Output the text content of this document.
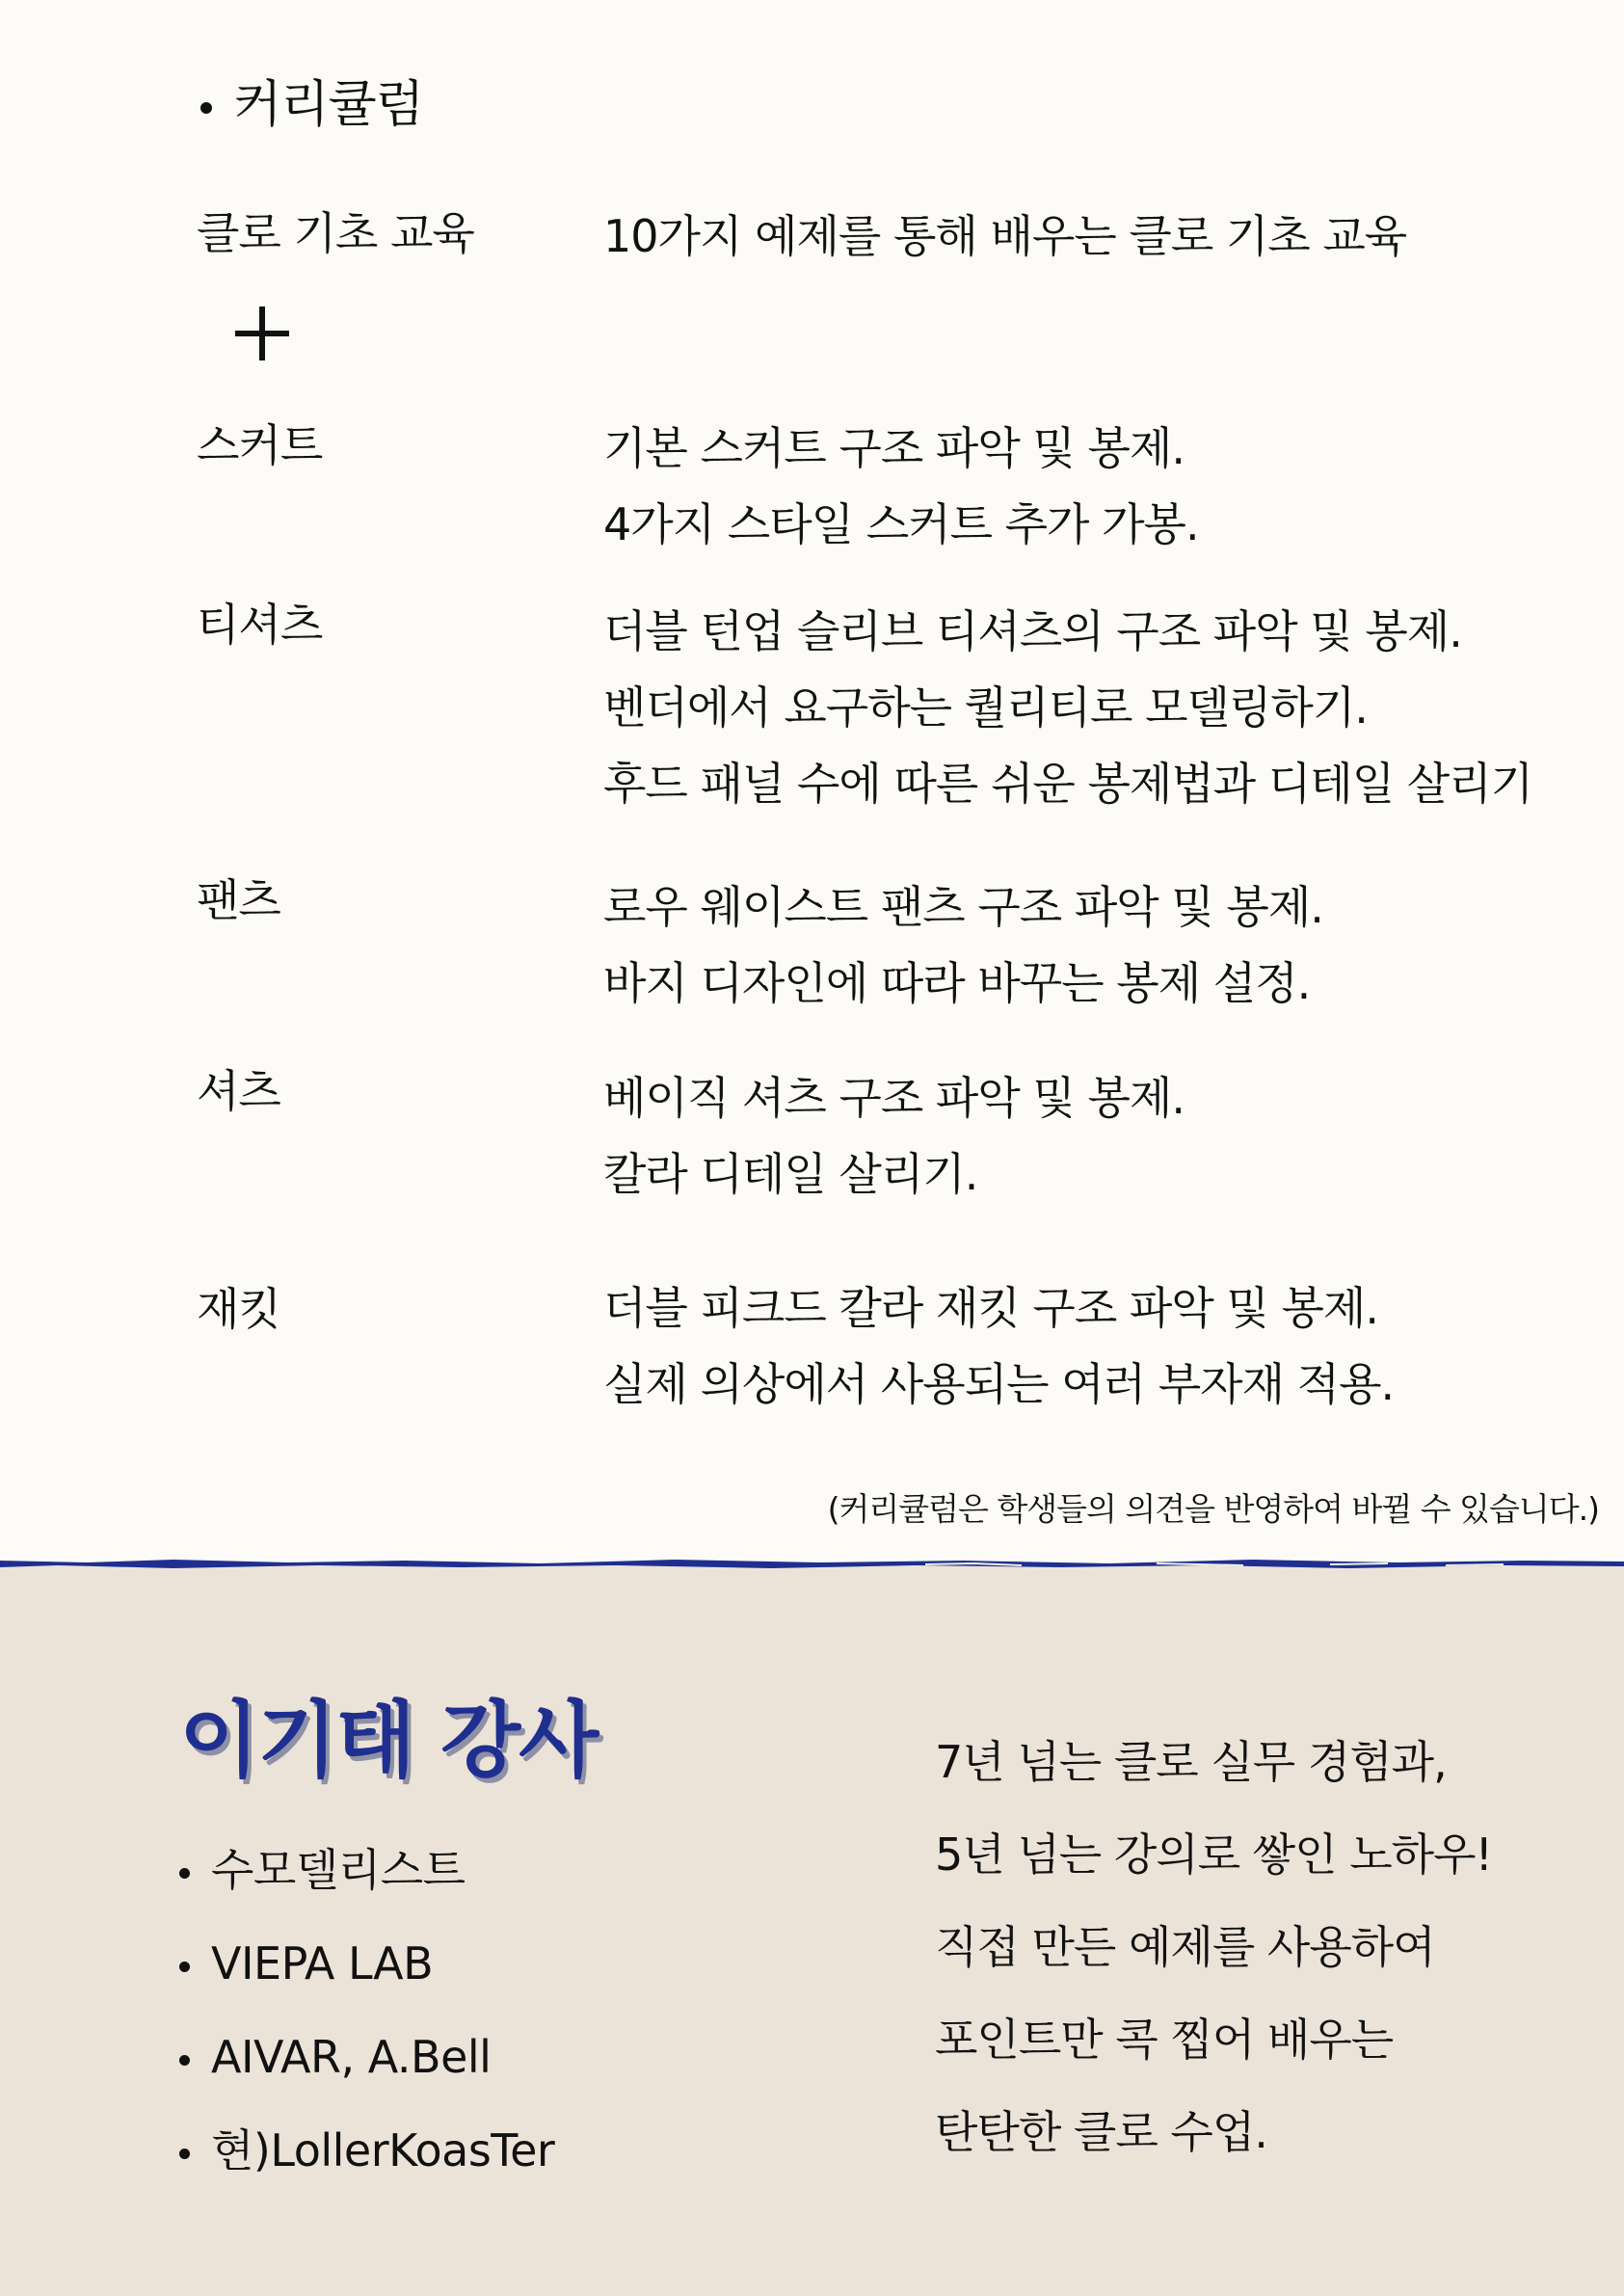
커리큘럼
클로 기초 교육	10가지 예제를 통해 배우는 클로 기초 교육
스커트	기본 스커트 구조 파악 및 봉제.
4가지 스타일 스커트 추가 가봉.
티셔츠	더블 턴업 슬리브 티셔츠의 구조 파악 및 봉제.
벤더에서 요구하는 퀄리티로 모델링하기.
후드 패널 수에 따른 쉬운 봉제법과 디테일 살리기
팬츠	로우 웨이스트 팬츠 구조 파악 및 봉제.
바지 디자인에 따라 바꾸는 봉제 설정.
셔츠	베이직 셔츠 구조 파악 및 봉제.
칼라 디테일 살리기.
재킷	더블 피크드 칼라 재킷 구조 파악 및 봉제.
실제 의상에서 사용되는 여러 부자재 적용.
(커리큘럼은 학생들의 의견을 반영하여 바뀔 수 있습니다.)
이기태 강사
수모델리스트
VIEPA LAB
AIVAR, A.Bell
현)LollerKoasTer
7년 넘는 클로 실무 경험과,
5년 넘는 강의로 쌓인 노하우!
직접 만든 예제를 사용하여
포인트만 콕 찝어 배우는
탄탄한 클로 수업.
